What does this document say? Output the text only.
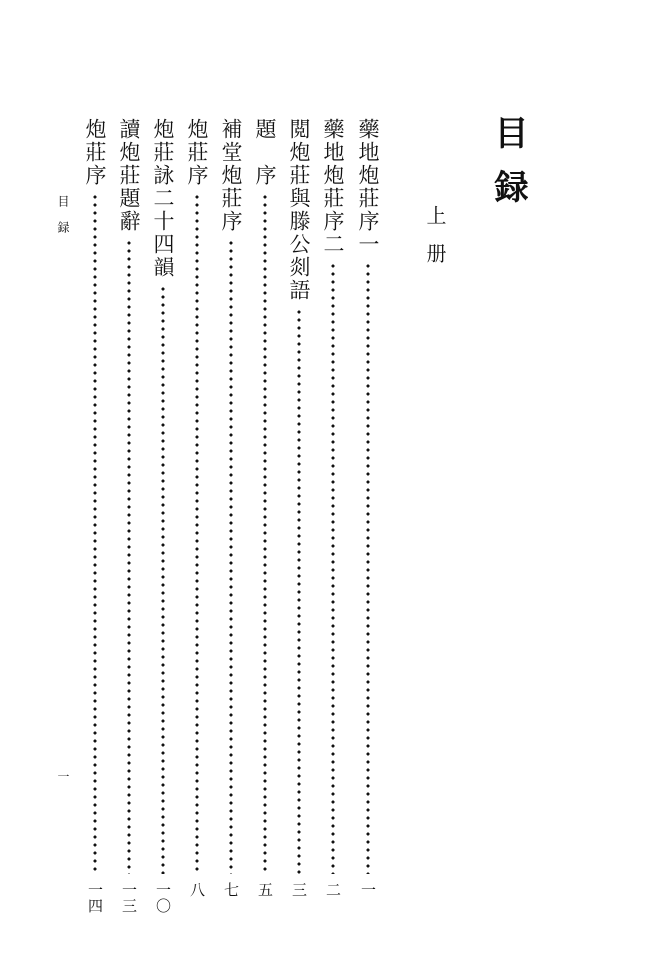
目録
上册
藥地炮莊序一
一
藥地炮莊序二
二
閲炮莊與滕公剡語
三
題　序
五
補堂炮莊序
七
炮莊序
八
炮莊詠二十四韻
一〇
讀炮莊題辭
一三
炮莊序
一四
目録
一
